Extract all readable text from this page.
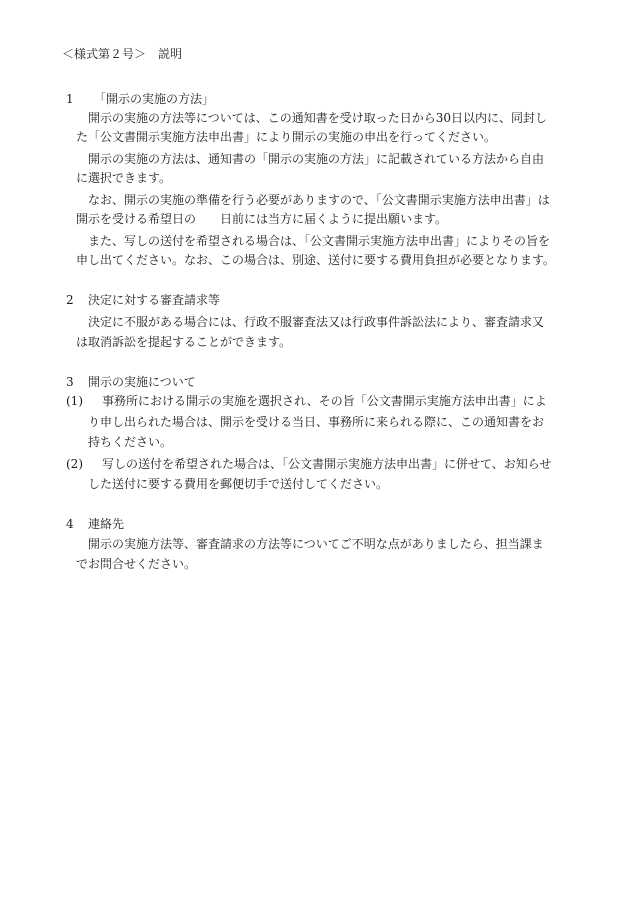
＜様式第２号＞　説明
1 「開示の実施の方法」
開示の実施の方法等については、この通知書を受け取った日から30日以内に、同封し
た「公文書開示実施方法申出書」により開示の実施の申出を行ってください。
開示の実施の方法は、通知書の「開示の実施の方法」に記載されている方法から自由
に選択できます。
なお、開示の実施の準備を行う必要がありますので、「公文書開示実施方法申出書」は
開示を受ける希望日の　　日前には当方に届くように提出願います。
また、写しの送付を希望される場合は、「公文書開示実施方法申出書」によりその旨を
申し出てください。なお、この場合は、別途、送付に要する費用負担が必要となります。
2 決定に対する審査請求等
決定に不服がある場合には、行政不服審査法又は行政事件訴訟法により、審査請求又
は取消訴訟を提起することができます。
3 開示の実施について
(1) 事務所における開示の実施を選択され、その旨「公文書開示実施方法申出書」によ
り申し出られた場合は、開示を受ける当日、事務所に来られる際に、この通知書をお
持ちください。
(2) 写しの送付を希望された場合は、「公文書開示実施方法申出書」に併せて、お知らせ
した送付に要する費用を郵便切手で送付してください。
4 連絡先
開示の実施方法等、審査請求の方法等についてご不明な点がありましたら、担当課ま
でお問合せください。
